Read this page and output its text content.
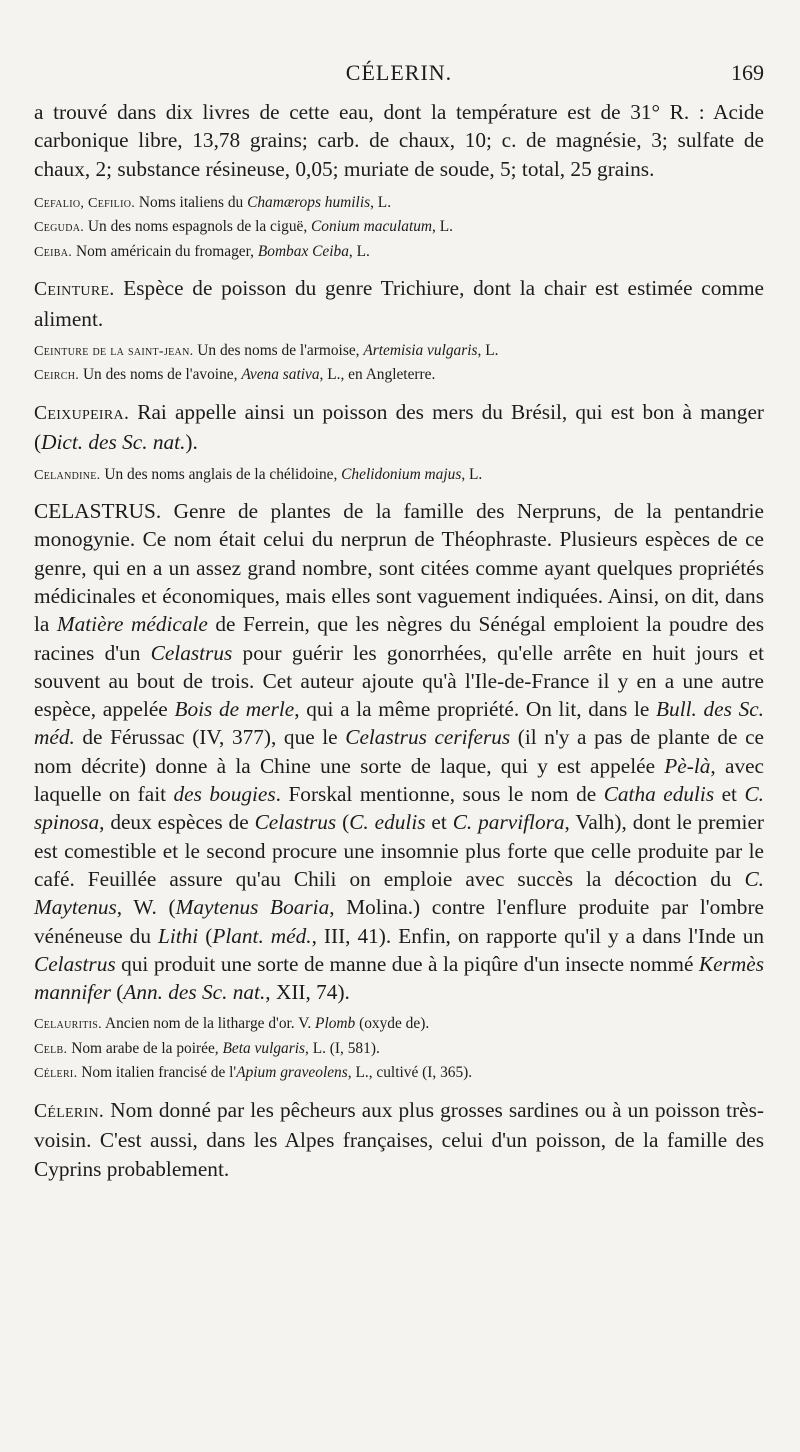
CÉLERIN.	169

a trouvé dans dix livres de cette eau, dont la température est de 31° R. : Acide carbonique libre, 13,78 grains; carb. de chaux, 10; c. de magnésie, 3; sulfate de chaux, 2; substance résineuse, 0,05; muriate de soude, 5; total, 25 grains.

Cefalio, Cefilio. Noms italiens du Chamærops humilis, L.

Ceguda. Un des noms espagnols de la ciguë, Conium maculatum, L.

Ceiba. Nom américain du fromager, Bombax Ceiba, L.

Ceinture. Espèce de poisson du genre Trichiure, dont la chair est estimée comme aliment.

Ceinture de la saint-jean. Un des noms de l'armoise, Artemisia vulgaris, L.

Ceirch. Un des noms de l'avoine, Avena sativa, L., en Angleterre.

Ceixupeira. Rai appelle ainsi un poisson des mers du Brésil, qui est bon à manger (Dict. des Sc. nat.).

Celandine. Un des noms anglais de la chélidoine, Chelidonium majus, L.

CELASTRUS. Genre de plantes de la famille des Nerpruns, de la pentandrie monogynie. Ce nom était celui du nerprun de Théophraste. Plusieurs espèces de ce genre, qui en a un assez grand nombre, sont citées comme ayant quelques propriétés médicinales et économiques, mais elles sont vaguement indiquées. Ainsi, on dit, dans la Matière médicale de Ferrein, que les nègres du Sénégal emploient la poudre des racines d'un Celastrus pour guérir les gonorrhées, qu'elle arrête en huit jours et souvent au bout de trois. Cet auteur ajoute qu'à l'Ile-de-France il y en a une autre espèce, appelée Bois de merle, qui a la même propriété. On lit, dans le Bull. des Sc. méd. de Férussac (IV, 377), que le Celastrus ceriferus (il n'y a pas de plante de ce nom décrite) donne à la Chine une sorte de laque, qui y est appelée Pè-là, avec laquelle on fait des bougies. Forskal mentionne, sous le nom de Catha edulis et C. spinosa, deux espèces de Celastrus (C. edulis et C. parviflora, Valh), dont le premier est comestible et le second procure une insomnie plus forte que celle produite par le café. Feuillée assure qu'au Chili on emploie avec succès la décoction du C. Maytenus, W. (Maytenus Boaria, Molina.) contre l'enflure produite par l'ombre vénéneuse du Lithi (Plant. méd., III, 41). Enfin, on rapporte qu'il y a dans l'Inde un Celastrus qui produit une sorte de manne due à la piqûre d'un insecte nommé Kermès mannifer (Ann. des Sc. nat., XII, 74).

Celauritis. Ancien nom de la litharge d'or. V. Plomb (oxyde de).

Celb. Nom arabe de la poirée, Beta vulgaris, L. (I, 581).

Céleri. Nom italien francisé de l'Apium graveolens, L., cultivé (I, 365).

Célerin. Nom donné par les pêcheurs aux plus grosses sardines ou à un poisson très-voisin. C'est aussi, dans les Alpes françaises, celui d'un poisson, de la famille des Cyprins probablement.
